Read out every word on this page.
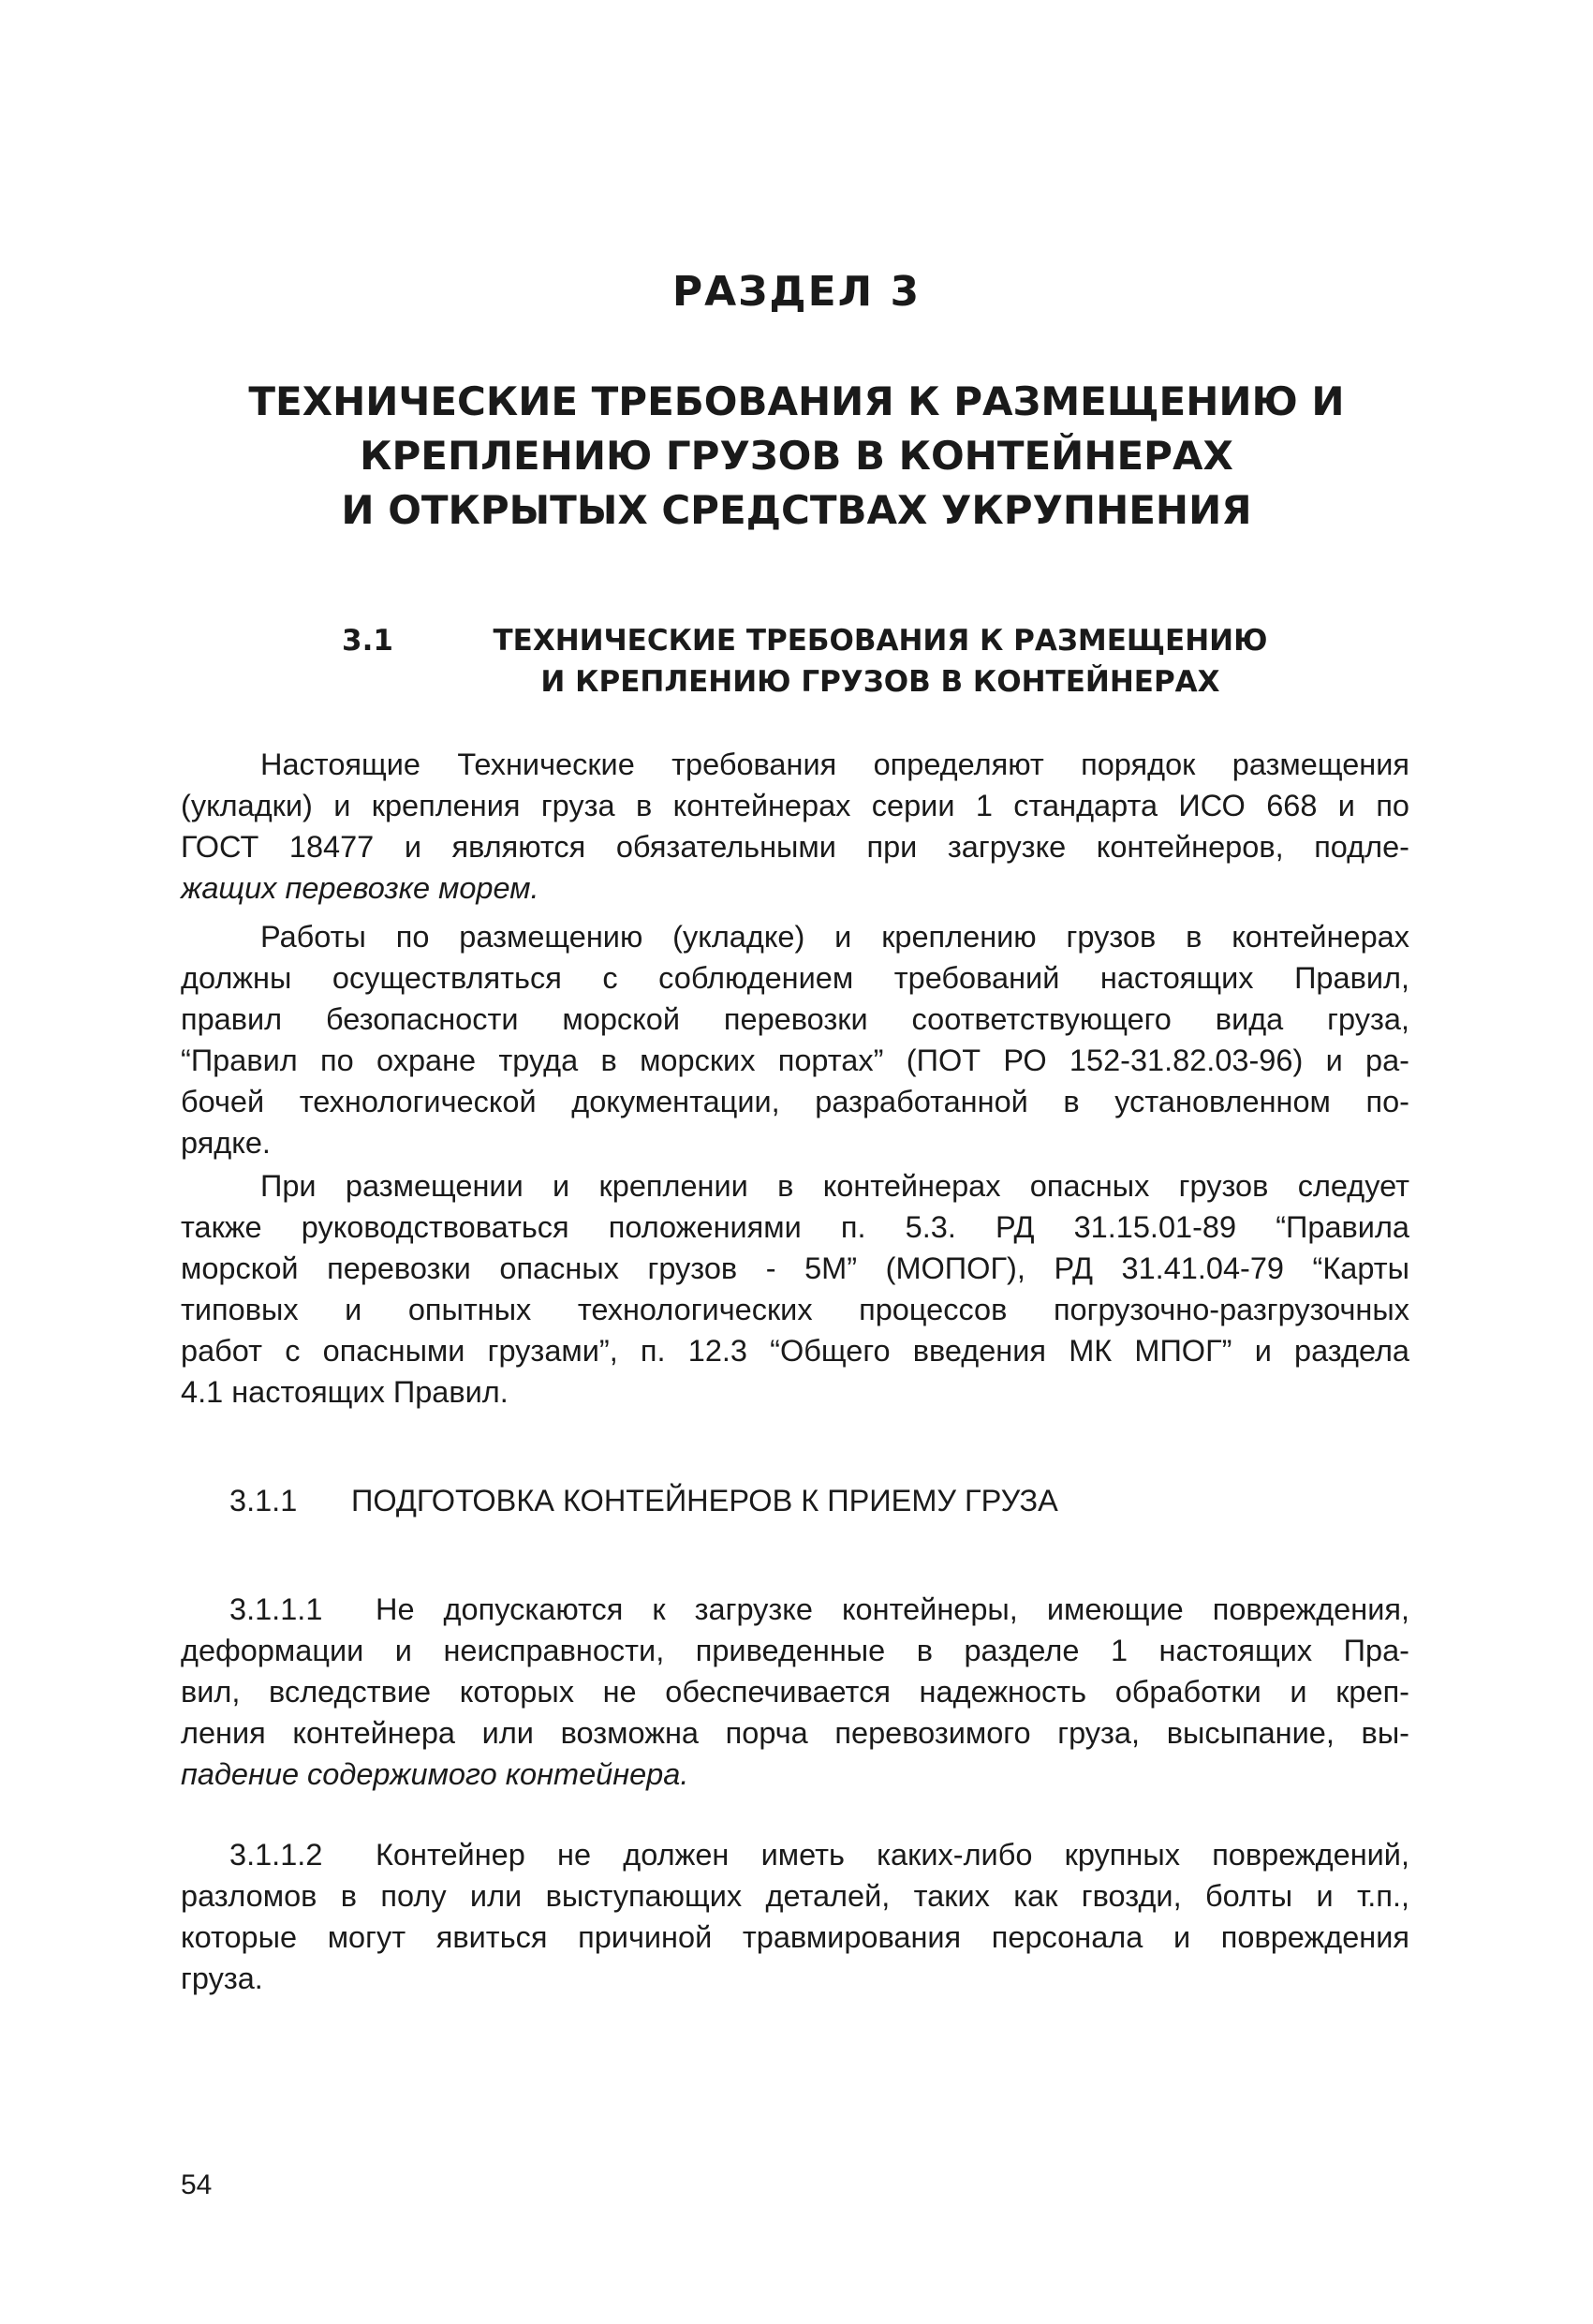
РАЗДЕЛ 3
ТЕХНИЧЕСКИЕ ТРЕБОВАНИЯ К РАЗМЕЩЕНИЮ И
КРЕПЛЕНИЮ ГРУЗОВ В КОНТЕЙНЕРАХ
И ОТКРЫТЫХ СРЕДСТВАХ УКРУПНЕНИЯ
3.1	ТЕХНИЧЕСКИЕ ТРЕБОВАНИЯ К РАЗМЕЩЕНИЮ
И КРЕПЛЕНИЮ ГРУЗОВ В КОНТЕЙНЕРАХ
Настоящие Технические требования определяют порядок размещения
(укладки) и крепления груза в контейнерах серии 1 стандарта ИСО 668 и по
ГОСТ 18477 и являются обязательными при загрузке контейнеров, подле-
жащих перевозке морем.
Работы по размещению (укладке) и креплению грузов в контейнерах
должны осуществляться с соблюдением требований настоящих Правил,
правил безопасности морской перевозки соответствующего вида груза,
“Правил по охране труда в морских портах” (ПОТ РО 152-31.82.03-96) и ра-
бочей технологической документации, разработанной в установленном по-
рядке.
При размещении и креплении в контейнерах опасных грузов следует
также руководствоваться положениями п. 5.3. РД 31.15.01-89 “Правила
морской перевозки опасных грузов - 5М” (МОПОГ), РД 31.41.04-79 “Карты
типовых и опытных технологических процессов погрузочно-разгрузочных
работ с опасными грузами”, п. 12.3 “Общего введения МК МПОГ” и раздела
4.1 настоящих Правил.
3.1.1 ПОДГОТОВКА КОНТЕЙНЕРОВ К ПРИЕМУ ГРУЗА
3.1.1.1 Не допускаются к загрузке контейнеры, имеющие повреждения,
деформации и неисправности, приведенные в разделе 1 настоящих Пра-
вил, вследствие которых не обеспечивается надежность обработки и креп-
ления контейнера или возможна порча перевозимого груза, высыпание, вы-
падение содержимого контейнера.
3.1.1.2 Контейнер не должен иметь каких-либо крупных повреждений,
разломов в полу или выступающих деталей, таких как гвозди, болты и т.п.,
которые могут явиться причиной травмирования персонала и повреждения
груза.
54
